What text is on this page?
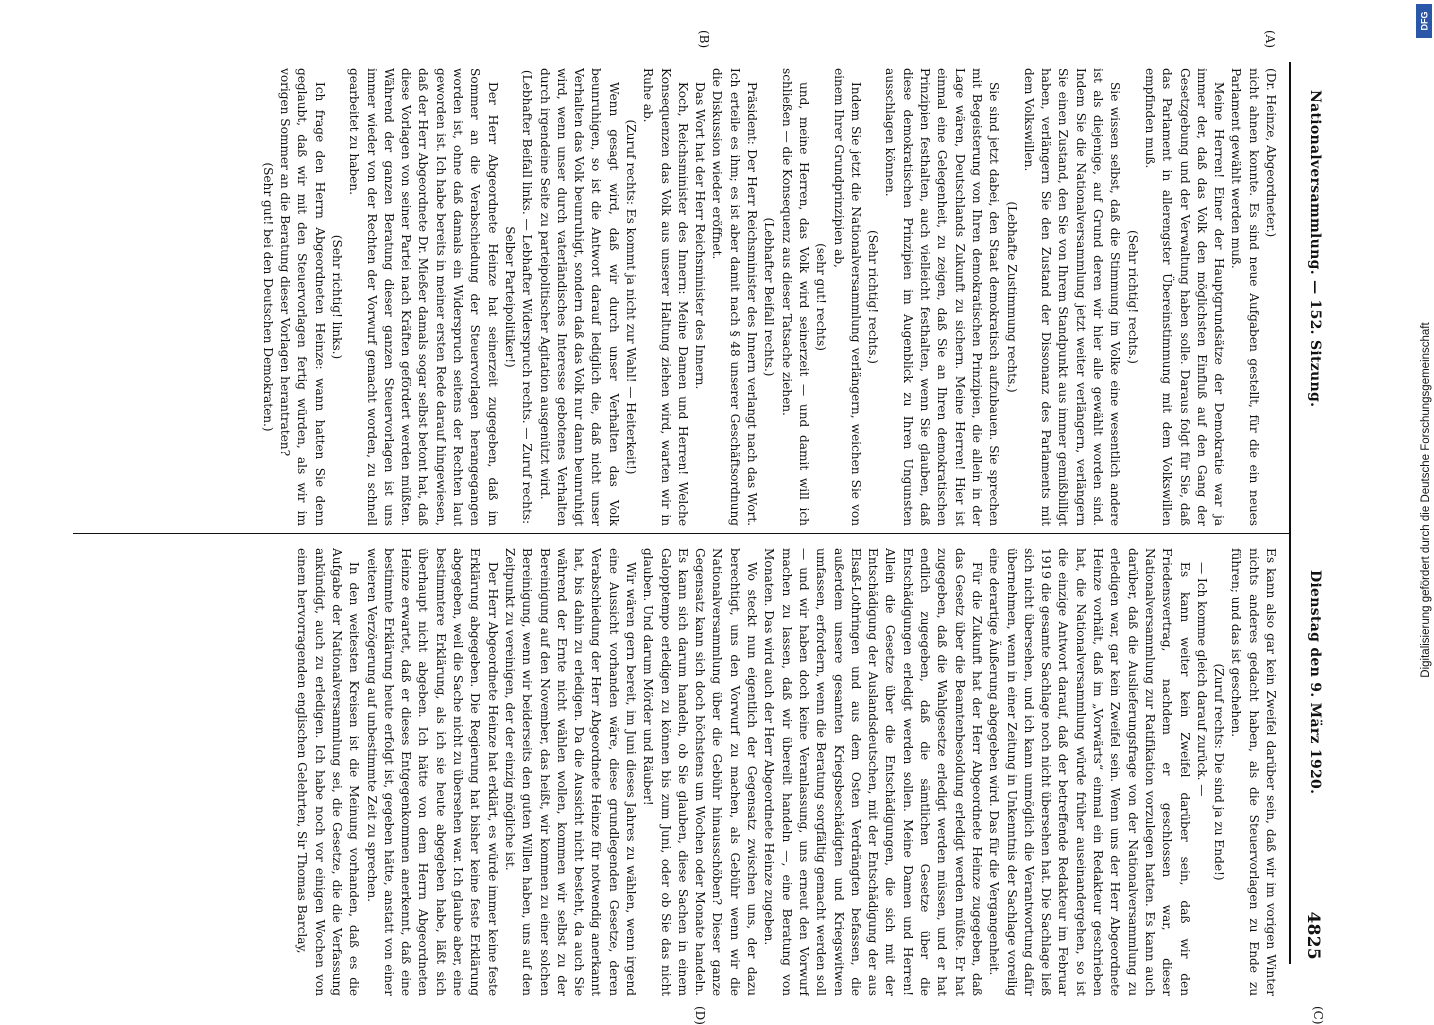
Nationalversammlung. — 152. Sitzung.
Dienstag den 9. März 1920.
4825
(A)
(B)
(C)
(D)

(Dr. Heinze, Abgeordneter.)

nicht ahnen konnte. Es sind neue Aufgaben gestellt, für die ein neues Parlament gewählt werden muß.

Meine Herren! Einer der Hauptgrundsätze der Demokratie war ja immer der, daß das Volk den möglichsten Einfluß auf den Gang der Gesetzgebung und der Verwaltung haben solle. Daraus folgt für Sie, daß das Parlament in allerengster Übereinstimmung mit dem Volkswillen empfinden muß.

(Sehr richtig! rechts.)

Sie wissen selbst, daß die Stimmung im Volke eine wesentlich andere ist als diejenige, auf Grund deren wir hier alle gewählt worden sind. Indem Sie die Nationalversammlung jetzt weiter verlängern, verlängern Sie einen Zustand, den Sie von Ihrem Standpunkt aus immer gemißbilligt haben, verlängern Sie den Zustand der Dissonanz des Parlaments mit dem Volkswillen.

(Lebhafte Zustimmung rechts.)

Sie sind jetzt dabei, den Staat demokratisch aufzubauen. Sie sprechen mit Begeisterung von Ihren demokratischen Prinzipien, die allein in der Lage wären, Deutschlands Zukunft zu sichern. Meine Herren! Hier ist einmal eine Gelegenheit, zu zeigen, daß Sie an Ihren demokratischen Prinzipien festhalten, auch vielleicht festhalten, wenn Sie glauben, daß diese demokratischen Prinzipien im Augenblick zu Ihren Ungunsten ausschlagen können.

(Sehr richtig! rechts.)

Indem Sie jetzt die Nationalversammlung verlängern, weichen Sie von einem Ihrer Grundprinzipien ab,

(sehr gut! rechts)

und, meine Herren, das Volk wird seinerzeit — und damit will ich schließen — die Konsequenz aus dieser Tatsache ziehen.

(Lebhafter Beifall rechts.)

Präsident: Der Herr Reichsminister des Innern verlangt nach das Wort. Ich erteile es ihm; es ist aber damit nach § 48 unserer Geschäftsordnung die Diskussion wieder eröffnet.

Das Wort hat der Herr Reichsminister des Innern.

Koch, Reichsminister des Innern: Meine Damen und Herren! Welche Konsequenzen das Volk aus unserer Haltung ziehen wird, warten wir in Ruhe ab.

(Zuruf rechts: Es kommt ja nicht zur Wahl! — Heiterkeit!)

Wenn gesagt wird, daß wir durch unser Verhalten das Volk beunruhigen, so ist die Antwort darauf lediglich die, daß nicht unser Verhalten das Volk beunruhigt, sondern daß das Volk nur dann beunruhigt wird, wenn unser durch vaterländisches Interesse gebotenes Verhalten durch irgendeine Seite zu parteipolitischer Agitation ausgenützt wird.

(Lebhafter Beifall links. — Lebhafter Widerspruch rechts. — Zuruf rechts: Selber Parteipolitiker!)

Der Herr Abgeordnete Heinze hat seinerzeit zugegeben, daß im Sommer an die Verabschiedung der Steuervorlagen herangegangen worden ist, ohne daß damals ein Widerspruch seitens der Rechten laut geworden ist. Ich habe bereits in meiner ersten Rede darauf hingewiesen, daß der Herr Abgeordnete Dr. Mießer damals sogar selbst betont hat, daß diese Vorlagen von seiner Partei nach Kräften gefördert werden müßten. Während der ganzen Beratung dieser ganzen Steuervorlagen ist uns immer wieder von der Rechten der Vorwurf gemacht worden, zu schnell gearbeitet zu haben.

(Sehr richtig! links.)

Ich frage den Herrn Abgeordneten Heinze: wann hatten Sie denn geglaubt, daß wir mit den Steuervorlagen fertig würden, als wir im vorigen Sommer an die Beratung dieser Vorlagen herantraten?

(Sehr gut! bei den Deutschen Demokraten.)

Es kann also gar kein Zweifel darüber sein, daß wir im vorigen Winter nichts anderes gedacht haben, als die Steuervorlagen zu Ende zu führen; und das ist geschehen.

(Zuruf rechts: Die sind ja zu Ende!)

— Ich komme gleich darauf zurück. —

Es kann weiter kein Zweifel darüber sein, daß wir den Friedensvertrag, nachdem er geschlossen war, dieser Nationalversammlung zur Ratifikation vorzulegen hatten. Es kann auch darüber, daß die Auslieferungsfrage von der Nationalversammlung zu erledigen war, gar kein Zweifel sein. Wenn uns der Herr Abgeordnete Heinze vorhält, daß im „Vorwärts“ einmal ein Redakteur geschrieben hat, die Nationalversammlung würde früher auseinandergehen, so ist die einzige Antwort darauf, daß der betreffende Redakteur im Februar 1919 die gesamte Sachlage noch nicht übersehen hat. Die Sachlage ließ sich nicht übersehen, und ich kann unmöglich die Verantwortung dafür übernehmen, wenn in einer Zeitung in Unkenntnis der Sachlage voreilig eine derartige Äußerung abgegeben wird. Das für die Vergangenheit.

Für die Zukunft hat der Herr Abgeordnete Heinze zugegeben, daß das Gesetz über die Beamtenbesoldung erledigt werden müßte. Er hat zugegeben, daß die Wahlgesetze erledigt werden müssen, und er hat endlich zugegeben, daß die sämtlichen Gesetze über die Entschädigungen erledigt werden sollen. Meine Damen und Herren! Allein die Gesetze über die Entschädigungen, die sich mit der Entschädigung der Auslandsdeutschen, mit der Entschädigung der aus Elsaß-Lothringen und aus dem Osten Verdrängten befassen, die außerdem unsere gesamten Kriegsbeschädigten und Kriegswitwen umfassen, erfordern, wenn die Beratung sorgfältig gemacht werden soll — und wir haben doch keine Veranlassung, uns erneut den Vorwurf machen zu lassen, daß wir übereilt handeln —, eine Beratung von Monaten. Das wird auch der Herr Abgeordnete Heinze zugeben.

Wo steckt nun eigentlich der Gegensatz zwischen uns, der dazu berechtigt, uns den Vorwurf zu machen, als Gebühr wenn wir die Nationalversammlung über die Gebühr hinausschöben? Dieser ganze Gegensatz kann sich doch höchstens um Wochen oder Monate handeln. Es kann sich darum handeln, ob Sie glauben, diese Sachen in einem Galopptempo erledigen zu können bis zum Juni, oder ob Sie das nicht glauben. Und darum Mörder und Räuber!

Wir wären gern bereit, im Juni dieses Jahres zu wählen, wenn irgend eine Aussicht vorhanden wäre, diese grundlegenden Gesetze, deren Verabschiedung der Herr Abgeordnete Heinze für notwendig anerkannt hat, bis dahin zu erledigen. Da die Aussicht nicht besteht, da auch Sie während der Ernte nicht wählen wollen, kommen wir selbst zu der Bereinigung auf den November, das heißt, wir kommen zu einer solchen Bereinigung, wenn wir beiderseits den guten Willen haben, uns auf den Zeitpunkt zu vereinigen, der der einzig mögliche ist.

Der Herr Abgeordnete Heinze hat erklärt, es würde immer keine feste Erklärung abgegeben. Die Regierung hat bisher keine feste Erklärung abgegeben, weil die Sache nicht zu übersehen war. Ich glaube aber, eine bestimmtere Erklärung, als ich sie heute abgegeben habe, läßt sich überhaupt nicht abgeben. Ich hätte von dem Herrn Abgeordneten Heinze erwartet, daß er dieses Entgegenkommen anerkennt, daß eine bestimmte Erklärung heute erfolgt ist, gegeben hätte, anstatt von einer weiteren Verzögerung auf unbestimmte Zeit zu sprechen.

In den weitesten Kreisen ist die Meinung vorhanden, daß es die Aufgabe der Nationalversammlung sei, die Gesetze, die die Verfassung ankündigt, auch zu erledigen. Ich habe noch vor einigen Wochen von einem hervorragenden englischen Gelehrten, Sir Thomas Barclay,

DFG
Digitalisierung gefördert durch die Deutsche Forschungsgemeinschaft
